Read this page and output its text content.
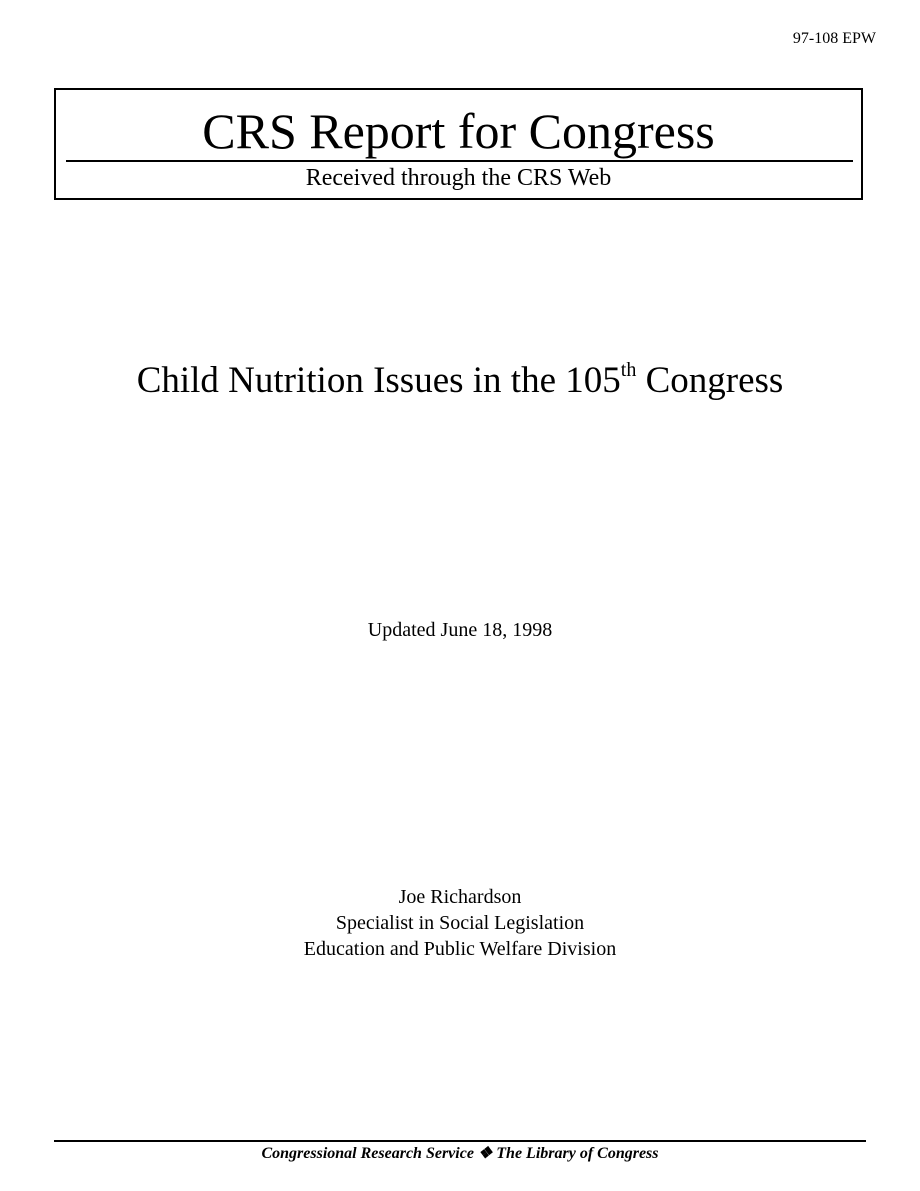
97-108 EPW
CRS Report for Congress
Received through the CRS Web
Child Nutrition Issues in the 105th Congress
Updated June 18, 1998
Joe Richardson
Specialist in Social Legislation
Education and Public Welfare Division
Congressional Research Service ❖ The Library of Congress
